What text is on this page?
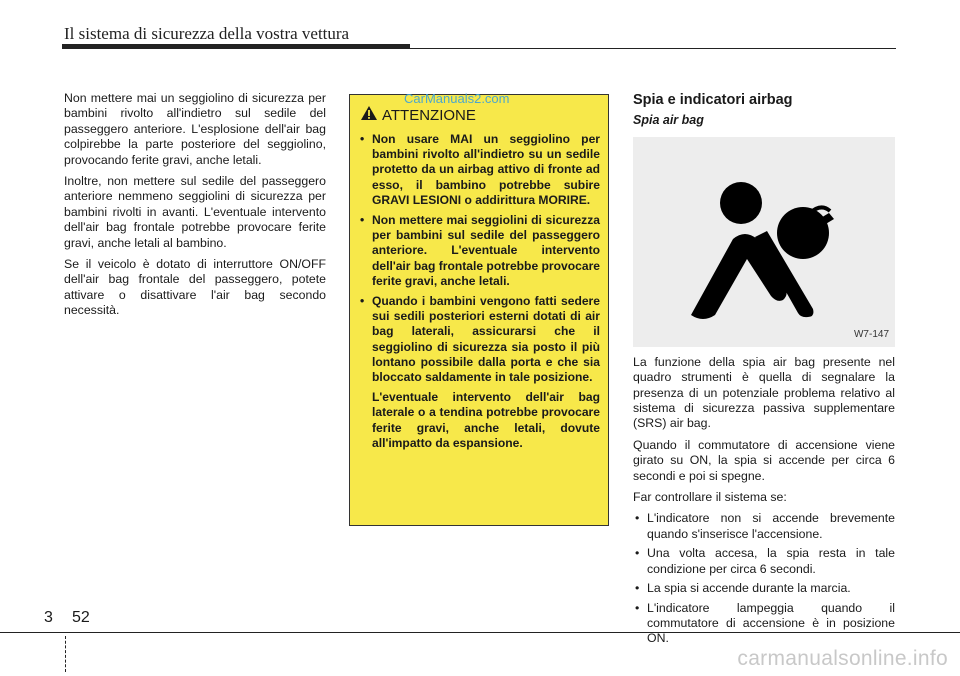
Il sistema di sicurezza della vostra vettura

Non mettere mai un seggiolino di sicurezza per bambini rivolto all'indietro sul sedile del passeggero anteriore. L'esplosione dell'air bag colpirebbe la parte posteriore del seggiolino, provocando ferite gravi, anche letali.

Inoltre, non mettere sul sedile del passeggero anteriore nemmeno seggiolini di sicurezza per bambini rivolti in avanti. L'eventuale intervento dell'air bag frontale potrebbe provocare ferite gravi, anche letali al bambino.

Se il veicolo è dotato di interruttore ON/OFF dell'air bag frontale del passeggero, potete attivare o disattivare l'air bag secondo necessità.

ATTENZIONE
• Non usare MAI un seggiolino per bambini rivolto all'indietro su un sedile protetto da un airbag attivo di fronte ad esso, il bambino potrebbe subire GRAVI LESIONI o addirittura MORIRE.
• Non mettere mai seggiolini di sicurezza per bambini sul sedile del passeggero anteriore. L'eventuale intervento dell'air bag frontale potrebbe provocare ferite gravi, anche letali.
• Quando i bambini vengono fatti sedere sui sedili posteriori esterni dotati di air bag laterali, assicurarsi che il seggiolino di sicurezza sia posto il più lontano possibile dalla porta e che sia bloccato saldamente in tale posizione.

L'eventuale intervento dell'air bag laterale o a tendina potrebbe provocare ferite gravi, anche letali, dovute all'impatto da espansione.

CarManuals2.com	Spia e indicatori airbag
Spia air bag
W7-147

La funzione della spia air bag presente nel quadro strumenti è quella di segnalare la presenza di un potenziale problema relativo al sistema di sicurezza passiva supplementare (SRS) air bag.

Quando il commutatore di accensione viene girato su ON, la spia si accende per circa 6 secondi e poi si spegne.

Far controllare il sistema se:

• L'indicatore non si accende brevemente quando s'inserisce l'accensione.
• Una volta accesa, la spia resta in tale condizione per circa 6 secondi.
• La spia si accende durante la marcia.
• L'indicatore lampeggia quando il commutatore di accensione è in posizione ON.
3 52
carmanualsonline.info
